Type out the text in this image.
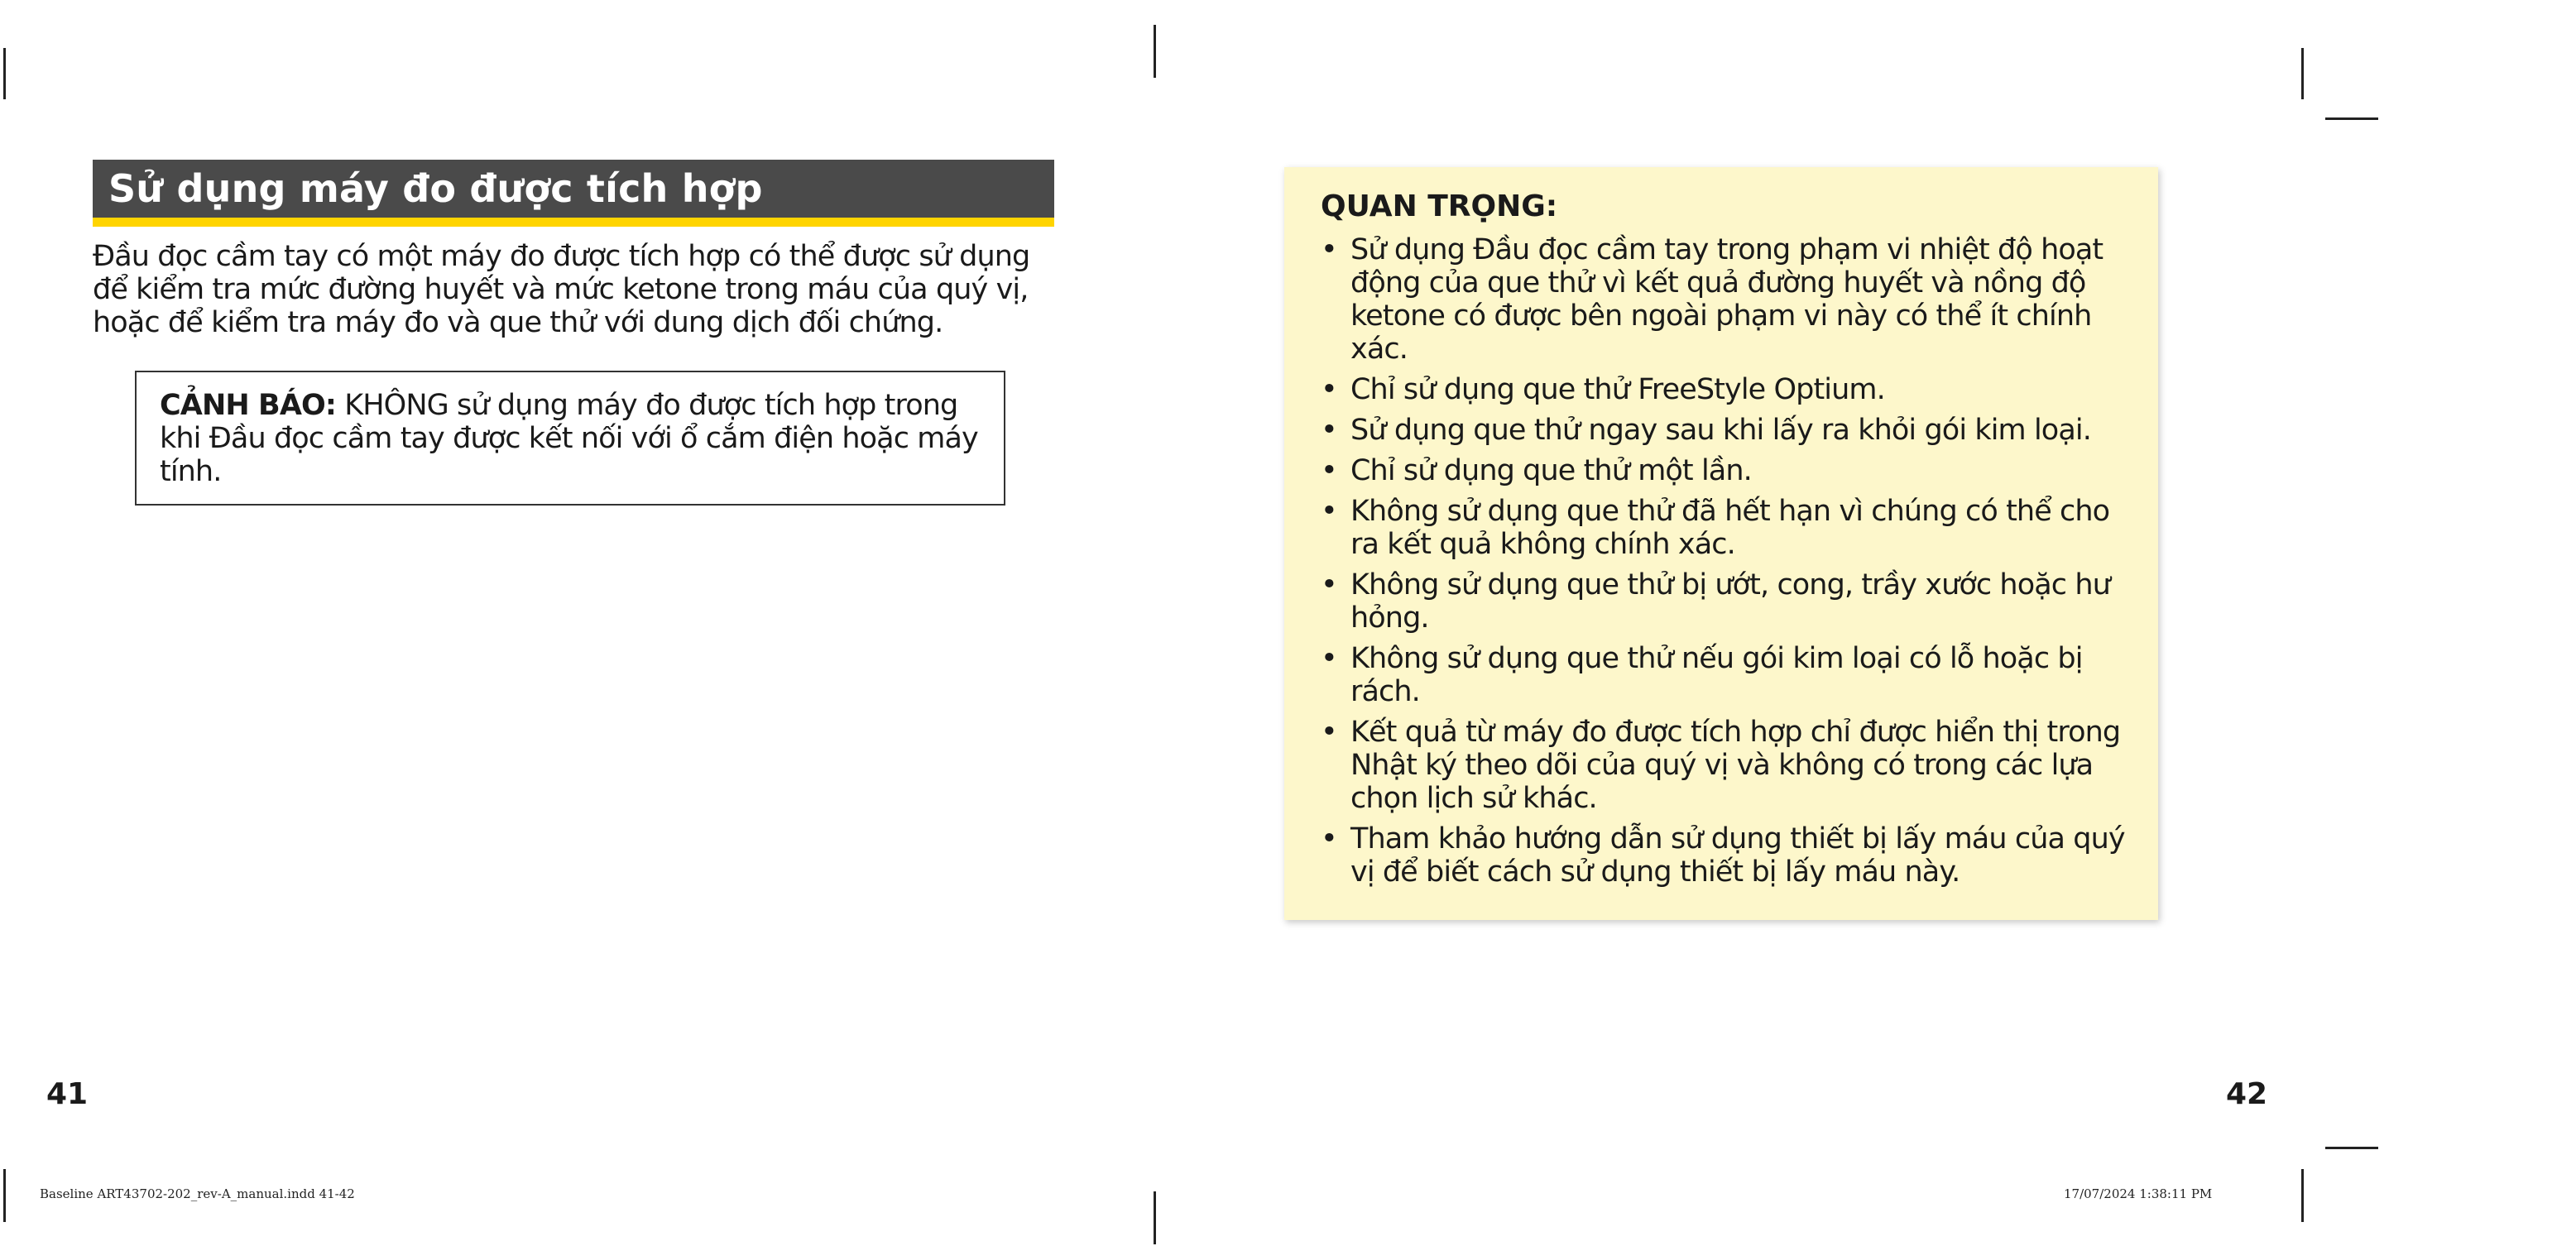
Sử dụng máy đo được tích hợp

Đầu đọc cầm tay có một máy đo được tích hợp có thể được sử dụng để kiểm tra mức đường huyết và mức ketone trong máu của quý vị, hoặc để kiểm tra máy đo và que thử với dung dịch đối chứng.

CẢNH BÁO: KHÔNG sử dụng máy đo được tích hợp trong khi Đầu đọc cầm tay được kết nối với ổ cắm điện hoặc máy tính.

41
QUAN TRỌNG:
• Sử dụng Đầu đọc cầm tay trong phạm vi nhiệt độ hoạt động của que thử vì kết quả đường huyết và nồng độ ketone có được bên ngoài phạm vi này có thể ít chính xác.
• Chỉ sử dụng que thử FreeStyle Optium.
• Sử dụng que thử ngay sau khi lấy ra khỏi gói kim loại.
• Chỉ sử dụng que thử một lần.
• Không sử dụng que thử đã hết hạn vì chúng có thể cho ra kết quả không chính xác.
• Không sử dụng que thử bị ướt, cong, trầy xước hoặc hư hỏng.
• Không sử dụng que thử nếu gói kim loại có lỗ hoặc bị rách.
• Kết quả từ máy đo được tích hợp chỉ được hiển thị trong Nhật ký theo dõi của quý vị và không có trong các lựa chọn lịch sử khác.
• Tham khảo hướng dẫn sử dụng thiết bị lấy máu của quý vị để biết cách sử dụng thiết bị lấy máu này.
42
Baseline ART43702-202_rev-A_manual.indd 41-42	17/07/2024 1:38:11 PM
